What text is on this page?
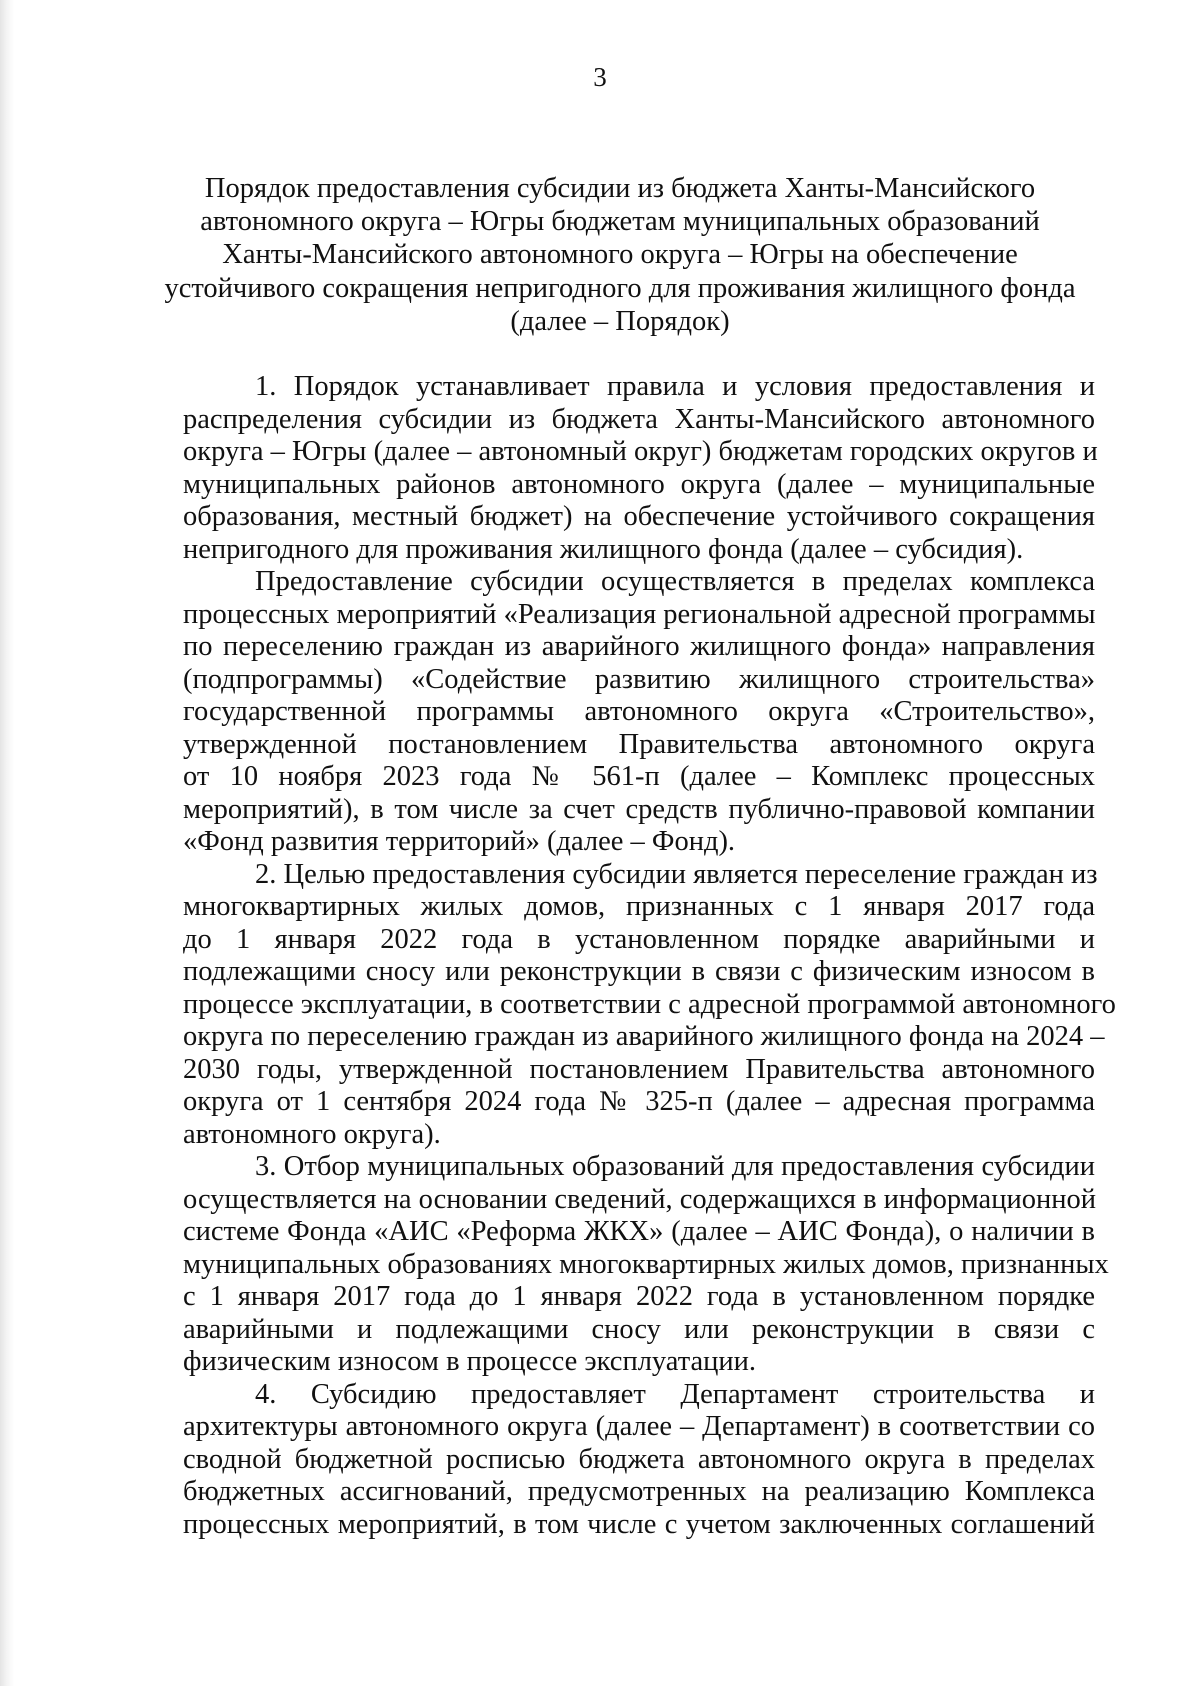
3
Порядок предоставления субсидии из бюджета Ханты-Мансийского
автономного округа – Югры бюджетам муниципальных образований
Ханты-Мансийского автономного округа – Югры на обеспечение
устойчивого сокращения непригодного для проживания жилищного фонда
(далее – Порядок)
1. Порядок устанавливает правила и условия предоставления и
распределения субсидии из бюджета Ханты-Мансийского автономного
округа – Югры (далее – автономный округ) бюджетам городских округов и
муниципальных районов автономного округа (далее – муниципальные
образования, местный бюджет) на обеспечение устойчивого сокращения
непригодного для проживания жилищного фонда (далее – субсидия).
Предоставление субсидии осуществляется в пределах комплекса
процессных мероприятий «Реализация региональной адресной программы
по переселению граждан из аварийного жилищного фонда» направления
(подпрограммы) «Содействие развитию жилищного строительства»
государственной программы автономного округа «Строительство»,
утвержденной постановлением Правительства автономного округа
от 10 ноября 2023 года № 561-п (далее – Комплекс процессных
мероприятий), в том числе за счет средств публично-правовой компании
«Фонд развития территорий» (далее – Фонд).
2. Целью предоставления субсидии является переселение граждан из
многоквартирных жилых домов, признанных с 1 января 2017 года
до 1 января 2022 года в установленном порядке аварийными и
подлежащими сносу или реконструкции в связи с физическим износом в
процессе эксплуатации, в соответствии с адресной программой автономного
округа по переселению граждан из аварийного жилищного фонда на 2024 –
2030 годы, утвержденной постановлением Правительства автономного
округа от 1 сентября 2024 года № 325-п (далее – адресная программа
автономного округа).
3. Отбор муниципальных образований для предоставления субсидии
осуществляется на основании сведений, содержащихся в информационной
системе Фонда «АИС «Реформа ЖКХ» (далее – АИС Фонда), о наличии в
муниципальных образованиях многоквартирных жилых домов, признанных
с 1 января 2017 года до 1 января 2022 года в установленном порядке
аварийными и подлежащими сносу или реконструкции в связи с
физическим износом в процессе эксплуатации.
4. Субсидию предоставляет Департамент строительства и
архитектуры автономного округа (далее – Департамент) в соответствии со
сводной бюджетной росписью бюджета автономного округа в пределах
бюджетных ассигнований, предусмотренных на реализацию Комплекса
процессных мероприятий, в том числе с учетом заключенных соглашений
